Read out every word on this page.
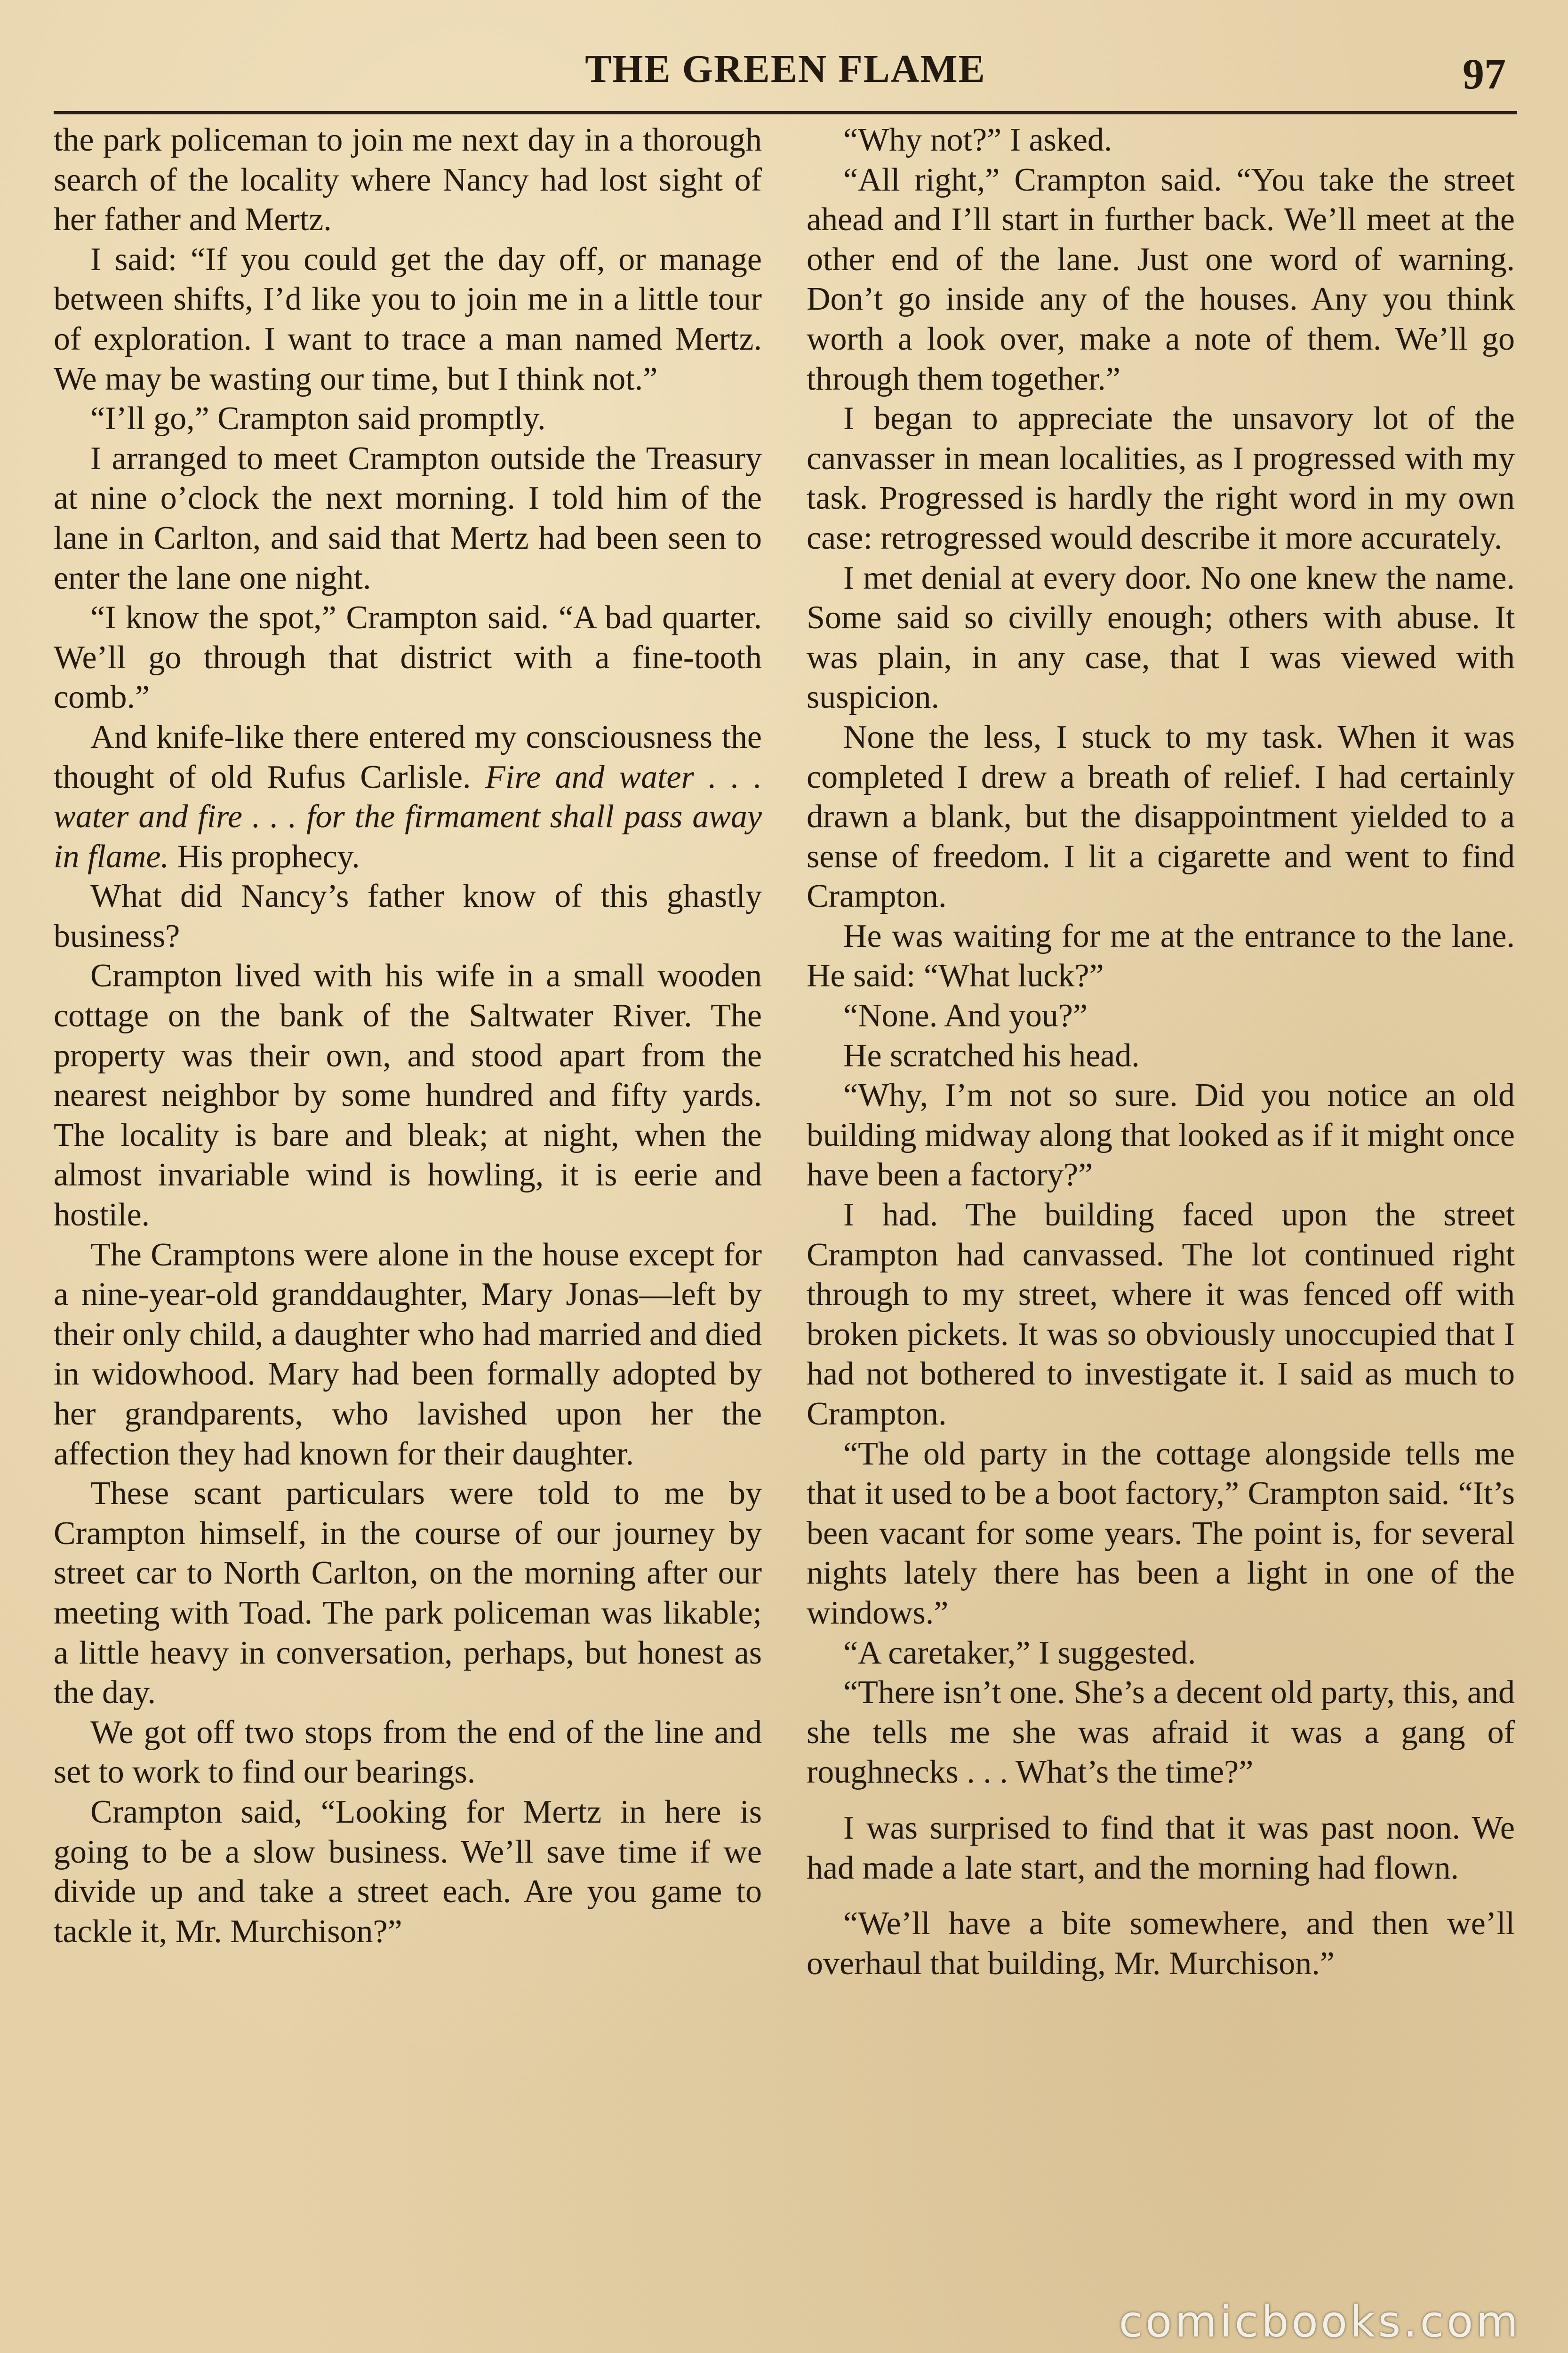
THE GREEN FLAME	97

the park policeman to join me next day in a thorough search of the locality where Nancy had lost sight of her father and Mertz.

I said: “If you could get the day off, or manage between shifts, I’d like you to join me in a little tour of exploration. I want to trace a man named Mertz. We may be wasting our time, but I think not.”

“I’ll go,” Crampton said promptly.

I arranged to meet Crampton outside the Treasury at nine o’clock the next morning. I told him of the lane in Carlton, and said that Mertz had been seen to enter the lane one night.

“I know the spot,” Crampton said. “A bad quarter. We’ll go through that district with a fine-tooth comb.”

And knife-like there entered my consciousness the thought of old Rufus Carlisle. Fire and water . . . water and fire . . . for the firmament shall pass away in flame. His prophecy.

What did Nancy’s father know of this ghastly business?

Crampton lived with his wife in a small wooden cottage on the bank of the Saltwater River. The property was their own, and stood apart from the nearest neighbor by some hundred and fifty yards. The locality is bare and bleak; at night, when the almost invariable wind is howling, it is eerie and hostile.

The Cramptons were alone in the house except for a nine-year-old granddaughter, Mary Jonas—left by their only child, a daughter who had married and died in widowhood. Mary had been formally adopted by her grandparents, who lavished upon her the affection they had known for their daughter.

These scant particulars were told to me by Crampton himself, in the course of our journey by street car to North Carlton, on the morning after our meeting with Toad. The park policeman was likable; a little heavy in conversation, perhaps, but honest as the day.

We got off two stops from the end of the line and set to work to find our bearings.

Crampton said, “Looking for Mertz in here is going to be a slow business. We’ll save time if we divide up and take a street each. Are you game to tackle it, Mr. Murchison?”

“Why not?” I asked.

“All right,” Crampton said. “You take the street ahead and I’ll start in further back. We’ll meet at the other end of the lane. Just one word of warning. Don’t go inside any of the houses. Any you think worth a look over, make a note of them. We’ll go through them together.”

I began to appreciate the unsavory lot of the canvasser in mean localities, as I progressed with my task. Progressed is hardly the right word in my own case: retrogressed would describe it more accurately.

I met denial at every door. No one knew the name. Some said so civilly enough; others with abuse. It was plain, in any case, that I was viewed with suspicion.

None the less, I stuck to my task. When it was completed I drew a breath of relief. I had certainly drawn a blank, but the disappointment yielded to a sense of freedom. I lit a cigarette and went to find Crampton.

He was waiting for me at the entrance to the lane. He said: “What luck?”

“None. And you?”

He scratched his head.

“Why, I’m not so sure. Did you notice an old building midway along that looked as if it might once have been a factory?”

I had. The building faced upon the street Crampton had canvassed. The lot continued right through to my street, where it was fenced off with broken pickets. It was so obviously unoccupied that I had not bothered to investigate it. I said as much to Crampton.

“The old party in the cottage alongside tells me that it used to be a boot factory,” Crampton said. “It’s been vacant for some years. The point is, for several nights lately there has been a light in one of the windows.”

“A caretaker,” I suggested.

“There isn’t one. She’s a decent old party, this, and she tells me she was afraid it was a gang of roughnecks . . . What’s the time?”

I was surprised to find that it was past noon. We had made a late start, and the morning had flown.

“We’ll have a bite somewhere, and then we’ll overhaul that building, Mr. Murchison.”

comicbooks.com
